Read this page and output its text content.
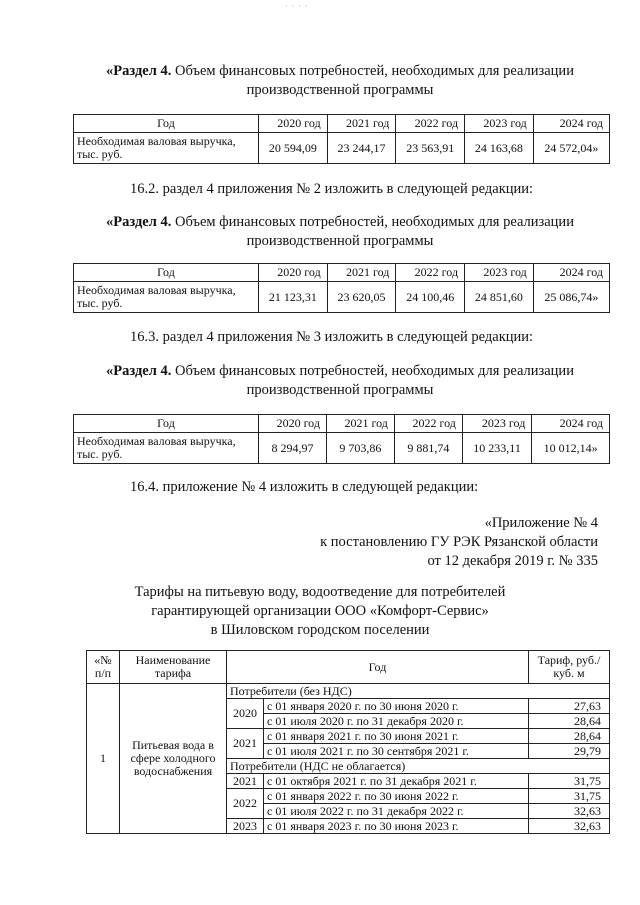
· · · ·
«Раздел 4. Объем финансовых потребностей, необходимых для реализации
производственной программы
Год	2020 год	2021 год	2022 год	2023 год	2024 год
Необходимая валовая выручка, тыс. руб.	20 594,09	23 244,17	23 563,91	24 163,68	24 572,04»
16.2. раздел 4 приложения № 2 изложить в следующей редакции:
«Раздел 4. Объем финансовых потребностей, необходимых для реализации
производственной программы
Год	2020 год	2021 год	2022 год	2023 год	2024 год
Необходимая валовая выручка, тыс. руб.	21 123,31	23 620,05	24 100,46	24 851,60	25 086,74»
16.3. раздел 4 приложения № 3 изложить в следующей редакции:
«Раздел 4. Объем финансовых потребностей, необходимых для реализации
производственной программы
Год	2020 год	2021 год	2022 год	2023 год	2024 год
Необходимая валовая выручка, тыс. руб.	8 294,97	9 703,86	9 881,74	10 233,11	10 012,14»
16.4. приложение № 4 изложить в следующей редакции:
«Приложение № 4
к постановлению ГУ РЭК Рязанской области
от 12 декабря 2019 г. № 335
Тарифы на питьевую воду, водоотведение для потребителей
гарантирующей организации ООО «Комфорт-Сервис»
в Шиловском городском поселении
«№ п/п	Наименование тарифа	Год		Тариф, руб./куб. м
1	Питьевая вода в сфере холодного водоснабжения	Потребители (без НДС)		
		2020	с 01 января 2020 г. по 30 июня 2020 г.	27,63
			с 01 июля 2020 г. по 31 декабря 2020 г.	28,64
		2021	с 01 января 2021 г. по 30 июня 2021 г.	28,64
			с 01 июля 2021 г. по 30 сентября 2021 г.	29,79
		Потребители (НДС не облагается)		
		2021	с 01 октября 2021 г. по 31 декабря 2021 г.	31,75
		2022	с 01 января 2022 г. по 30 июня 2022 г.	31,75
			с 01 июля 2022 г. по 31 декабря 2022 г.	32,63
		2023	с 01 января 2023 г. по 30 июня 2023 г.	32,63
